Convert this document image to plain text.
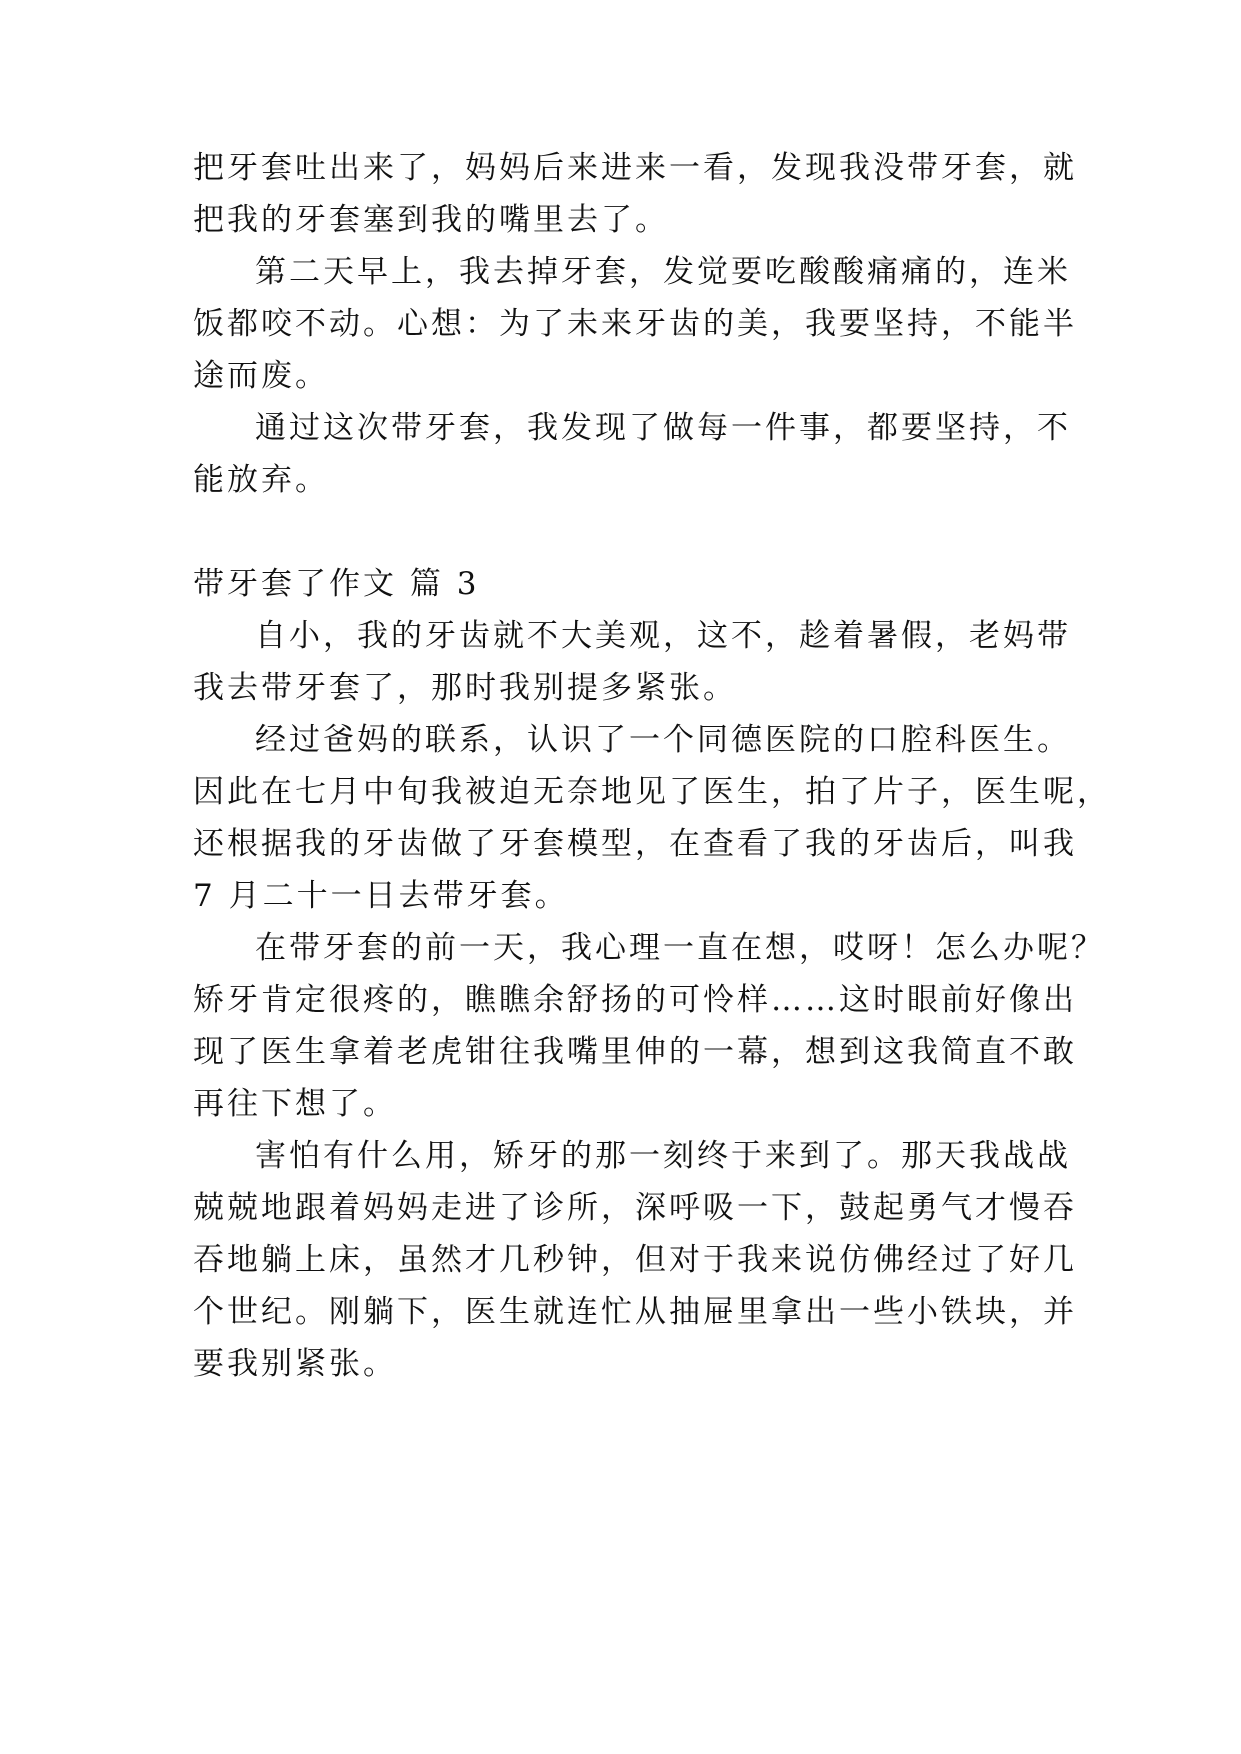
把牙套吐出来了，妈妈后来进来一看，发现我没带牙套，就
把我的牙套塞到我的嘴里去了。
第二天早上，我去掉牙套，发觉要吃酸酸痛痛的，连米
饭都咬不动。心想：为了未来牙齿的美，我要坚持，不能半
途而废。
通过这次带牙套，我发现了做每一件事，都要坚持，不
能放弃。
带牙套了作文 篇 3
自小，我的牙齿就不大美观，这不，趁着暑假，老妈带
我去带牙套了，那时我别提多紧张。
经过爸妈的联系，认识了一个同德医院的口腔科医生。
因此在七月中旬我被迫无奈地见了医生，拍了片子，医生呢，
还根据我的牙齿做了牙套模型，在查看了我的牙齿后，叫我
7 月二十一日去带牙套。
在带牙套的前一天，我心理一直在想，哎呀！怎么办呢？
矫牙肯定很疼的，瞧瞧余舒扬的可怜样……这时眼前好像出
现了医生拿着老虎钳往我嘴里伸的一幕，想到这我简直不敢
再往下想了。
害怕有什么用，矫牙的那一刻终于来到了。那天我战战
兢兢地跟着妈妈走进了诊所，深呼吸一下，鼓起勇气才慢吞
吞地躺上床，虽然才几秒钟，但对于我来说仿佛经过了好几
个世纪。刚躺下，医生就连忙从抽屉里拿出一些小铁块，并
要我别紧张。
